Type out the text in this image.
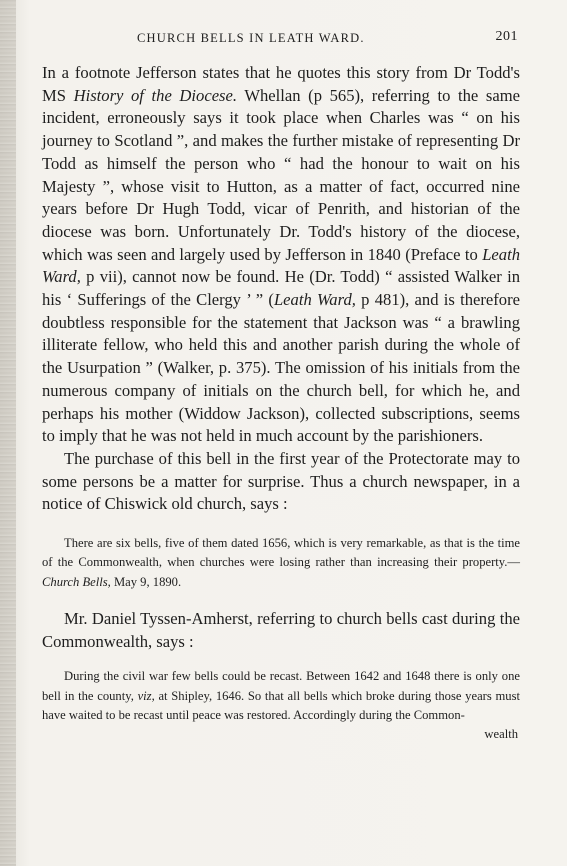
CHURCH BELLS IN LEATH WARD.	201

In a footnote Jefferson states that he quotes this story from Dr Todd's MS History of the Diocese. Whellan (p 565), referring to the same incident, erroneously says it took place when Charles was “ on his journey to Scotland ”, and makes the further mistake of representing Dr Todd as himself the person who “ had the honour to wait on his Majesty ”, whose visit to Hutton, as a matter of fact, occurred nine years before Dr Hugh Todd, vicar of Penrith, and historian of the diocese was born. Unfortunately Dr. Todd's history of the diocese, which was seen and largely used by Jefferson in 1840 (Preface to Leath Ward, p vii), cannot now be found. He (Dr. Todd) “ assisted Walker in his ‘ Sufferings of the Clergy ’ ” (Leath Ward, p 481), and is therefore doubtless responsible for the statement that Jackson was “ a brawling illiterate fellow, who held this and another parish during the whole of the Usurpation ” (Walker, p. 375). The omission of his initials from the numerous company of initials on the church bell, for which he, and perhaps his mother (Widdow Jackson), collected subscriptions, seems to imply that he was not held in much account by the parishioners.

The purchase of this bell in the first year of the Protectorate may to some persons be a matter for surprise. Thus a church newspaper, in a notice of Chiswick old church, says :

There are six bells, five of them dated 1656, which is very remarkable, as that is the time of the Commonwealth, when churches were losing rather than increasing their property.—Church Bells, May 9, 1890.

Mr. Daniel Tyssen-Amherst, referring to church bells cast during the Commonwealth, says :

During the civil war few bells could be recast. Between 1642 and 1648 there is only one bell in the county, viz, at Shipley, 1646. So that all bells which broke during those years must have waited to be recast until peace was restored. Accordingly during the Common-

wealth
